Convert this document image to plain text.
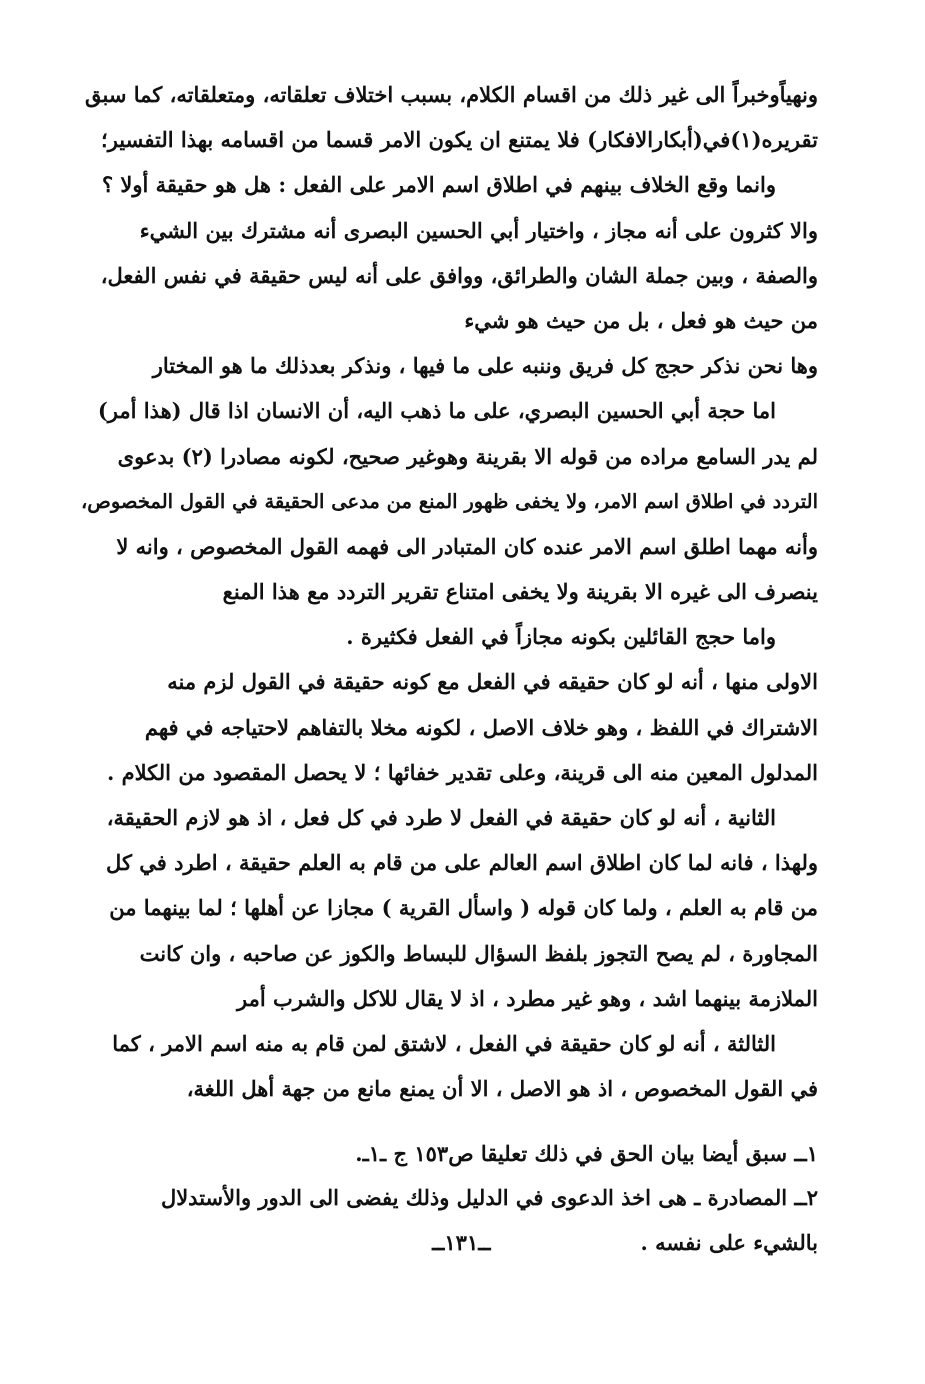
ونهياًوخبراً الى غير ذلك من اقسام الكلام، بسبب اختلاف تعلقاته، ومتعلقاته، كما سبق
تقريره(١)في(أبكارالافكار) فلا يمتنع ان يكون الامر قسما من اقسامه بهذا التفسير؛
وانما وقع الخلاف بينهم في اطلاق اسم الامر على الفعل : هل هو حقيقة أولا ؟
والا كثرون على أنه مجاز ، واختيار أبي الحسين البصرى أنه مشترك بين الشيء
والصفة ، وبين جملة الشان والطرائق، ووافق على أنه ليس حقيقة في نفس الفعل،
من حيث هو فعل ، بل من حيث هو شيء
وها نحن نذكر حجج كل فريق وننبه على ما فيها ، ونذكر بعدذلك ما هو المختار
اما حجة أبي الحسين البصري، على ما ذهب اليه، أن الانسان اذا قال (هذا أمر)
لم يدر السامع مراده من قوله الا بقرينة وهوغير صحيح، لكونه مصادرا (٢) بدعوى
التردد في اطلاق اسم الامر، ولا يخفى ظهور المنع من مدعى الحقيقة في القول المخصوص،
وأنه مهما اطلق اسم الامر عنده كان المتبادر الى فهمه القول المخصوص ، وانه لا
ينصرف الى غيره الا بقرينة ولا يخفى امتناع تقرير التردد مع هذا المنع
واما حجج القائلين بكونه مجازاً في الفعل فكثيرة .
الاولى منها ، أنه لو كان حقيقه في الفعل مع كونه حقيقة في القول لزم منه
الاشتراك في اللفظ ، وهو خلاف الاصل ، لكونه مخلا بالتفاهم لاحتياجه في فهم
المدلول المعين منه الى قرينة، وعلى تقدير خفائها ؛ لا يحصل المقصود من الكلام .
الثانية ، أنه لو كان حقيقة في الفعل لا طرد في كل فعل ، اذ هو لازم الحقيقة،
ولهذا ، فانه لما كان اطلاق اسم العالم على من قام به العلم حقيقة ، اطرد في كل
من قام به العلم ، ولما كان قوله ( واسأل القرية ) مجازا عن أهلها ؛ لما بينهما من
المجاورة ، لم يصح التجوز بلفظ السؤال للبساط والكوز عن صاحبه ، وان كانت
الملازمة بينهما اشد ، وهو غير مطرد ، اذ لا يقال للاكل والشرب أمر
الثالثة ، أنه لو كان حقيقة في الفعل ، لاشتق لمن قام به منه اسم الامر ، كما
في القول المخصوص ، اذ هو الاصل ، الا أن يمنع مانع من جهة أهل اللغة،
١ــ سبق أيضا بيان الحق في ذلك تعليقا ص١٥٣ ج ـ١ـ.
٢ــ المصادرة ـ هى اخذ الدعوى في الدليل وذلك يفضى الى الدور والأستدلال
بالشيء على نفسه .
ــ١٣١ــ
